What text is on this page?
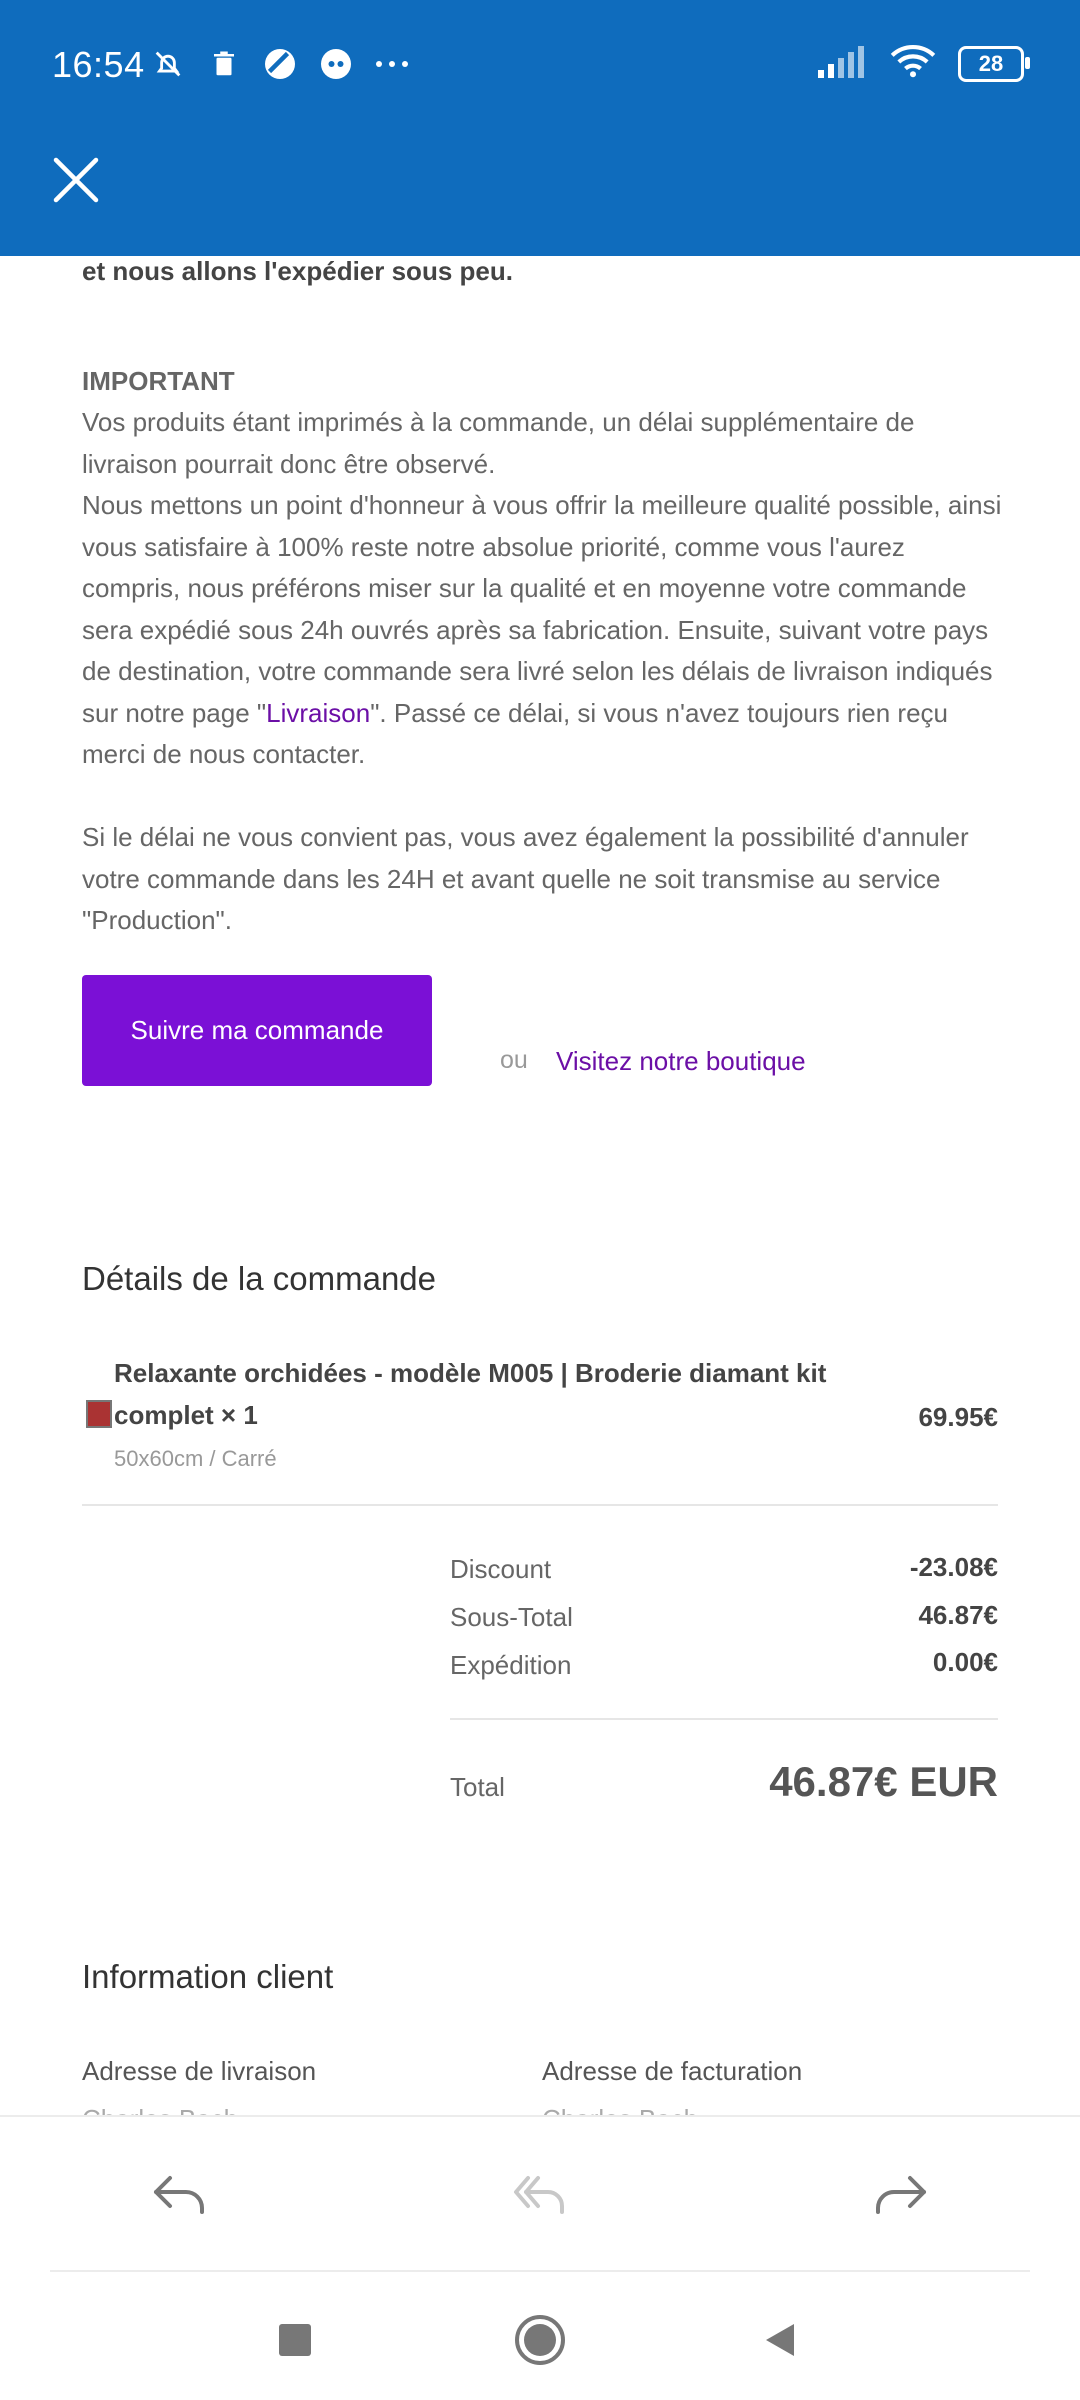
16:54	28
et nous allons l'expédier sous peu.
IMPORTANT
Vos produits étant imprimés à la commande, un délai supplémentaire de livraison pourrait donc être observé.
Nous mettons un point d'honneur à vous offrir la meilleure qualité possible, ainsi vous satisfaire à 100% reste notre absolue priorité, comme vous l'aurez compris, nous préférons miser sur la qualité et en moyenne votre commande sera expédié sous 24h ouvrés après sa fabrication. Ensuite, suivant votre pays de destination, votre commande sera livré selon les délais de livraison indiqués sur notre page "Livraison". Passé ce délai, si vous n'avez toujours rien reçu merci de nous contacter.
Si le délai ne vous convient pas, vous avez également la possibilité d'annuler votre commande dans les 24H et avant quelle ne soit transmise au service "Production".
Suivre ma commande
ou Visitez notre boutique
Détails de la commande
Relaxante orchidées - modèle M005 | Broderie diamant kit complet × 1
50x60cm / Carré
69.95€
Discount	-23.08€
Sous-Total	46.87€
Expédition	0.00€
Total	46.87€ EUR
Information client
Adresse de livraison	Adresse de facturation
